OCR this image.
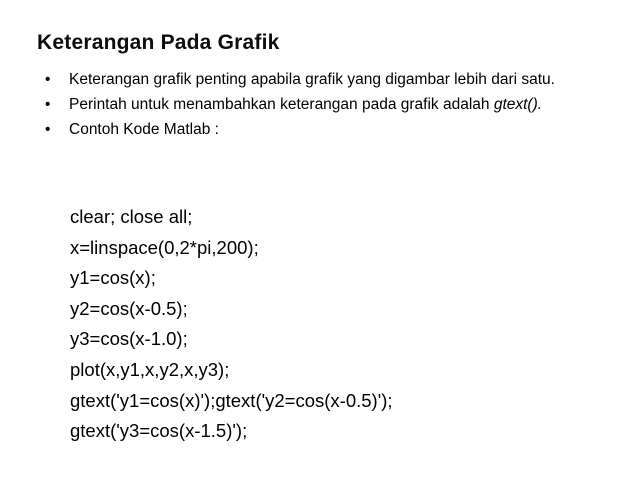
Keterangan Pada Grafik
•	Keterangan grafik penting apabila grafik yang digambar lebih dari satu.
•	Perintah untuk menambahkan keterangan pada grafik adalah gtext().
•	Contoh Kode Matlab :
clear; close all;
x=linspace(0,2*pi,200);
y1=cos(x);
y2=cos(x-0.5);
y3=cos(x-1.0);
plot(x,y1,x,y2,x,y3);
gtext('y1=cos(x)');gtext('y2=cos(x-0.5)');
gtext('y3=cos(x-1.5)');
